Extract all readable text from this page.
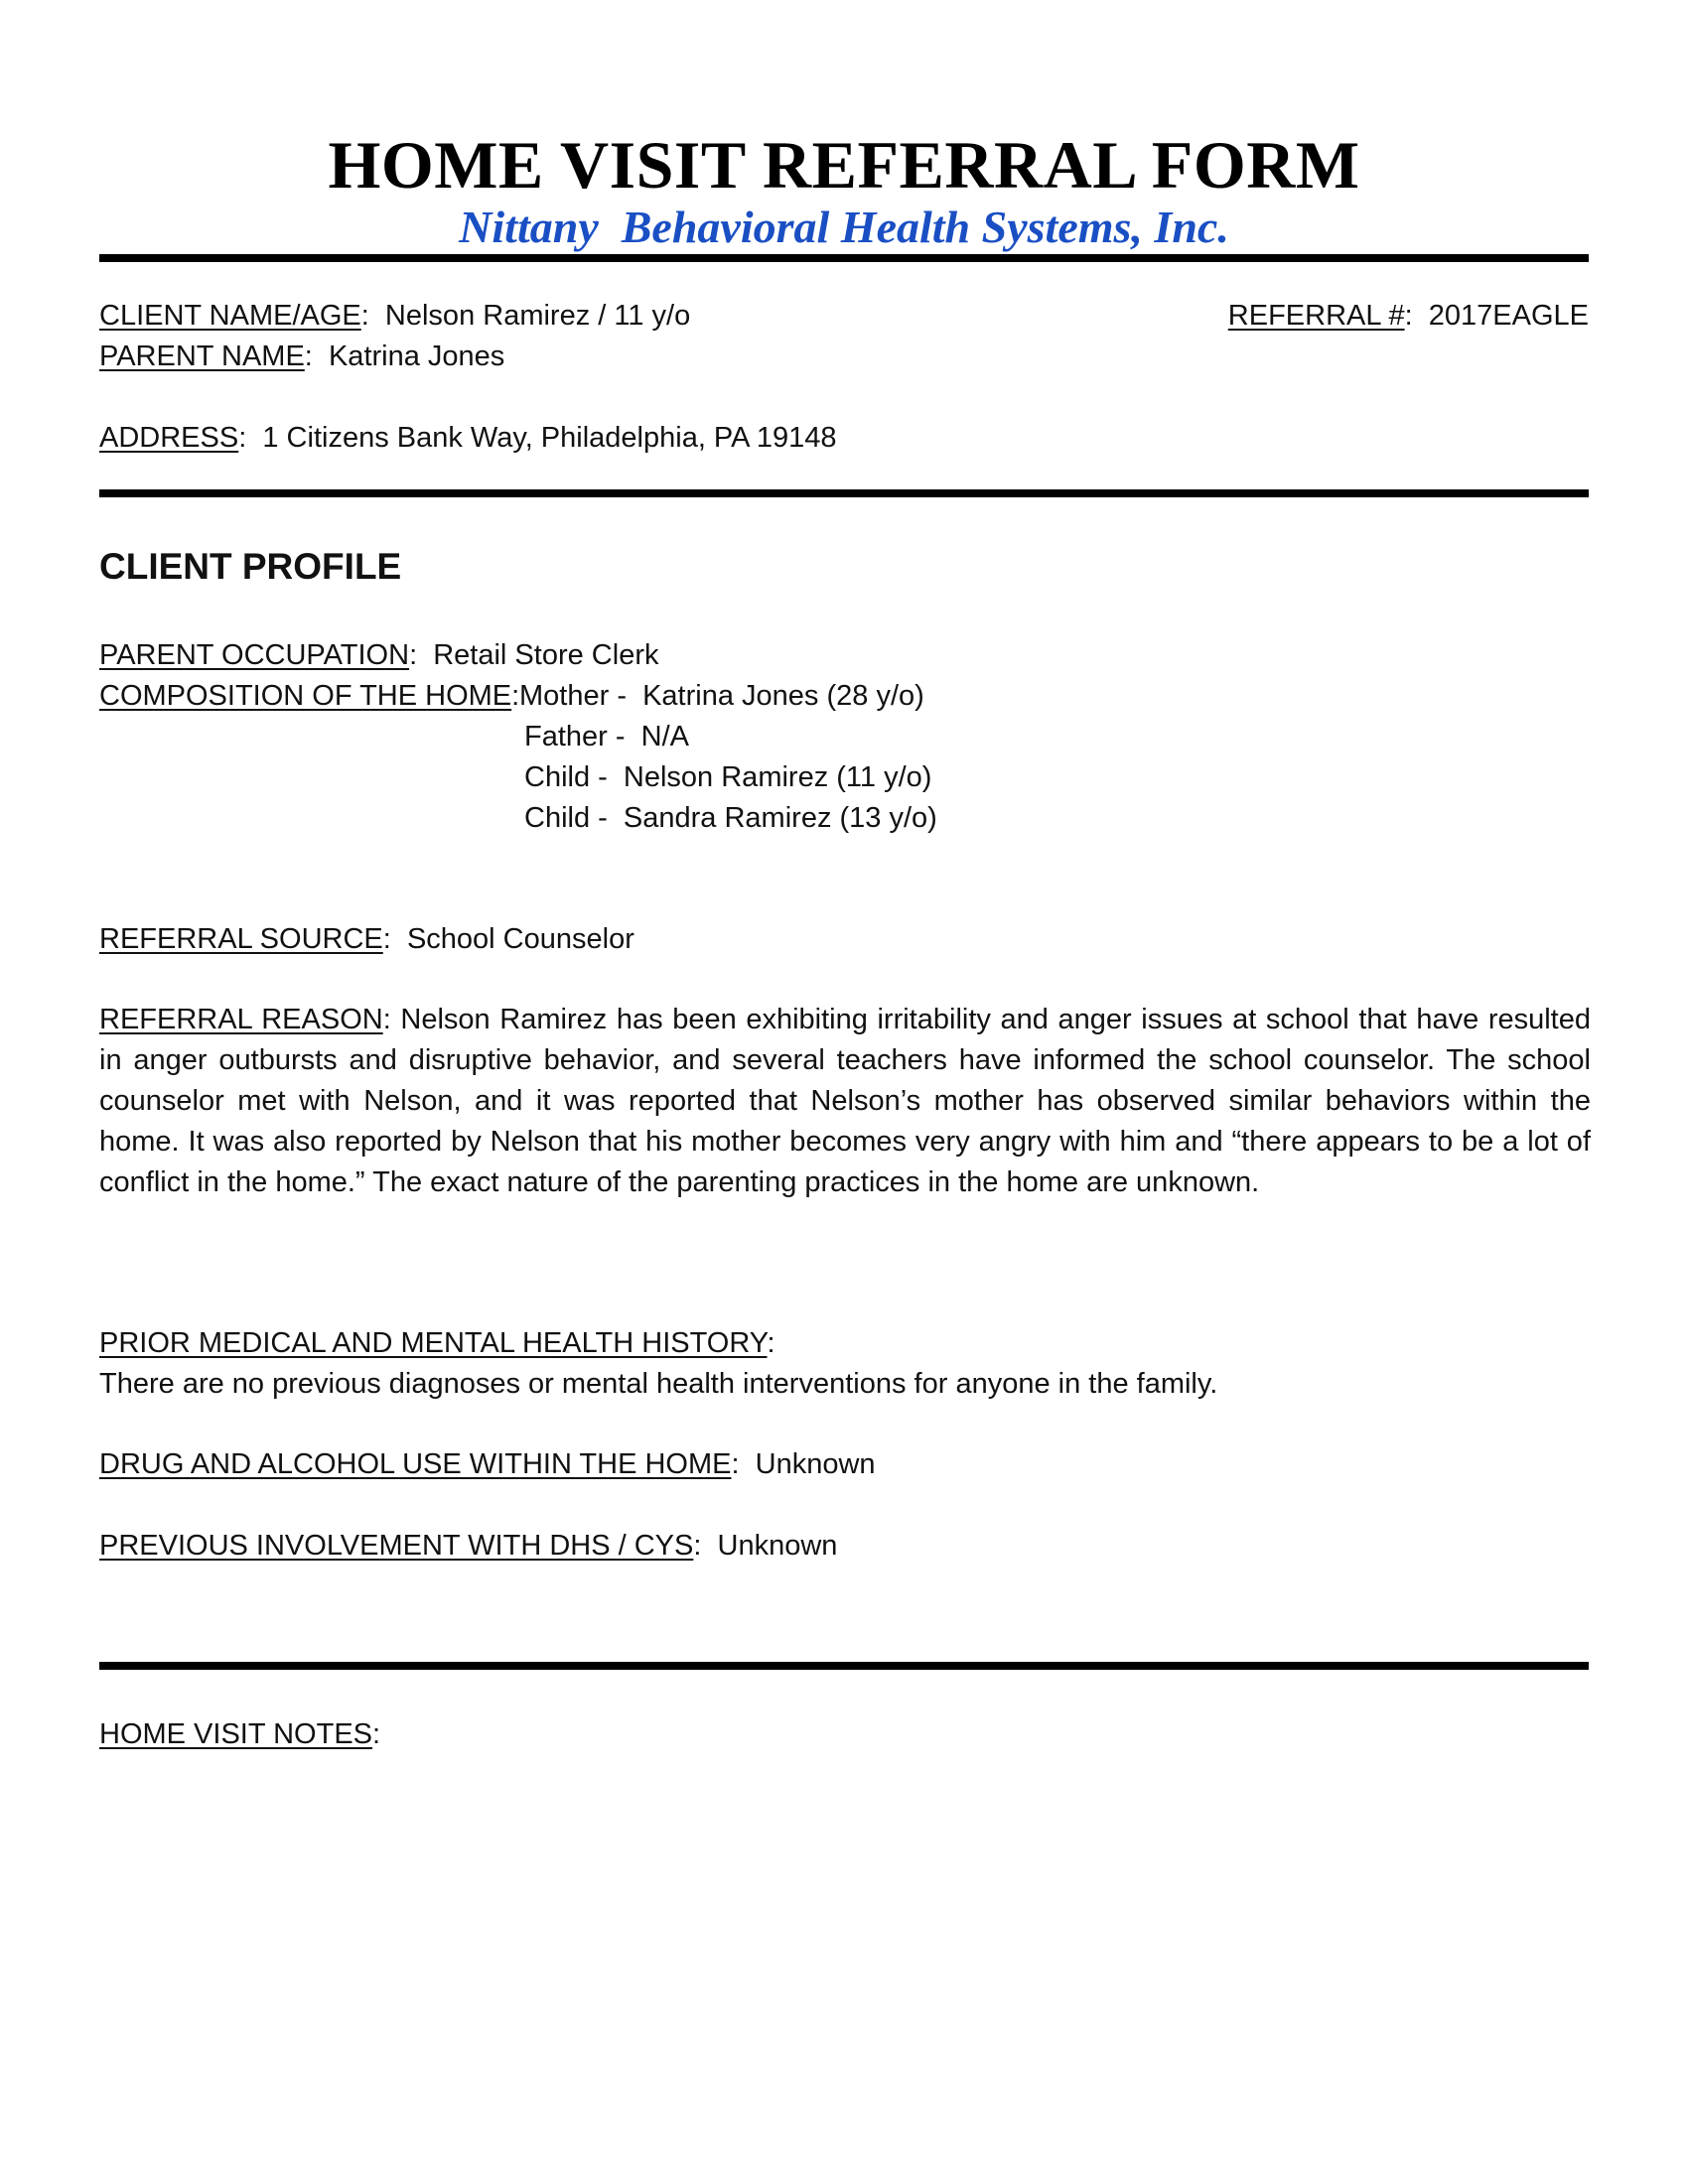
HOME VISIT REFERRAL FORM
Nittany  Behavioral Health Systems, Inc.
CLIENT NAME/AGE:  Nelson Ramirez / 11 y/o	REFERRAL #:  2017EAGLE
PARENT NAME:  Katrina Jones
ADDRESS:  1 Citizens Bank Way, Philadelphia, PA 19148
CLIENT PROFILE
PARENT OCCUPATION:  Retail Store Clerk
COMPOSITION OF THE HOME: Mother -  Katrina Jones (28 y/o)
Father -  N/A
Child -  Nelson Ramirez (11 y/o)
Child -  Sandra Ramirez (13 y/o)
REFERRAL SOURCE:  School Counselor
REFERRAL REASON: Nelson Ramirez has been exhibiting irritability and anger issues at school that have resulted in anger outbursts and disruptive behavior, and several teachers have informed the school counselor. The school counselor met with Nelson, and it was reported that Nelson’s mother has observed similar behaviors within the home. It was also reported by Nelson that his mother becomes very angry with him and “there appears to be a lot of conflict in the home.” The exact nature of the parenting practices in the home are unknown.
PRIOR MEDICAL AND MENTAL HEALTH HISTORY:
There are no previous diagnoses or mental health interventions for anyone in the family.
DRUG AND ALCOHOL USE WITHIN THE HOME:  Unknown
PREVIOUS INVOLVEMENT WITH DHS / CYS:  Unknown
HOME VISIT NOTES:
